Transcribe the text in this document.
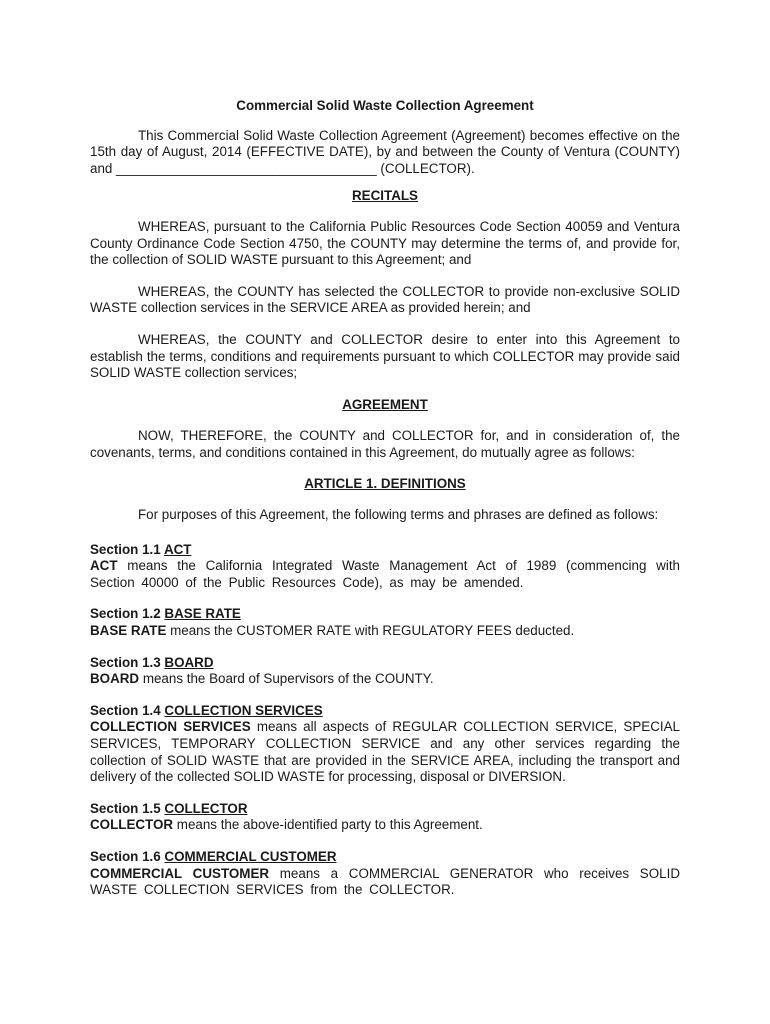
Commercial Solid Waste Collection Agreement

This Commercial Solid Waste Collection Agreement (Agreement) becomes effective on the 15th day of August, 2014 (EFFECTIVE DATE), by and between the County of Ventura (COUNTY) and ___________________________________ (COLLECTOR).

RECITALS

WHEREAS, pursuant to the California Public Resources Code Section 40059 and Ventura County Ordinance Code Section 4750, the COUNTY may determine the terms of, and provide for, the collection of SOLID WASTE pursuant to this Agreement; and

WHEREAS, the COUNTY has selected the COLLECTOR to provide non-exclusive SOLID WASTE collection services in the SERVICE AREA as provided herein; and

WHEREAS, the COUNTY and COLLECTOR desire to enter into this Agreement to establish the terms, conditions and requirements pursuant to which COLLECTOR may provide said SOLID WASTE collection services;

AGREEMENT

NOW, THEREFORE, the COUNTY and COLLECTOR for, and in consideration of, the covenants, terms, and conditions contained in this Agreement, do mutually agree as follows:

ARTICLE 1. DEFINITIONS

For purposes of this Agreement, the following terms and phrases are defined as follows:

Section 1.1 ACT

ACT means the California Integrated Waste Management Act of 1989 (commencing with Section 40000 of the Public Resources Code), as may be amended.

Section 1.2 BASE RATE

BASE RATE means the CUSTOMER RATE with REGULATORY FEES deducted.

Section 1.3 BOARD

BOARD means the Board of Supervisors of the COUNTY.

Section 1.4 COLLECTION SERVICES

COLLECTION SERVICES means all aspects of REGULAR COLLECTION SERVICE, SPECIAL SERVICES, TEMPORARY COLLECTION SERVICE and any other services regarding the collection of SOLID WASTE that are provided in the SERVICE AREA, including the transport and delivery of the collected SOLID WASTE for processing, disposal or DIVERSION.

Section 1.5 COLLECTOR

COLLECTOR means the above-identified party to this Agreement.

Section 1.6 COMMERCIAL CUSTOMER

COMMERCIAL CUSTOMER means a COMMERCIAL GENERATOR who receives SOLID WASTE COLLECTION SERVICES from the COLLECTOR.
